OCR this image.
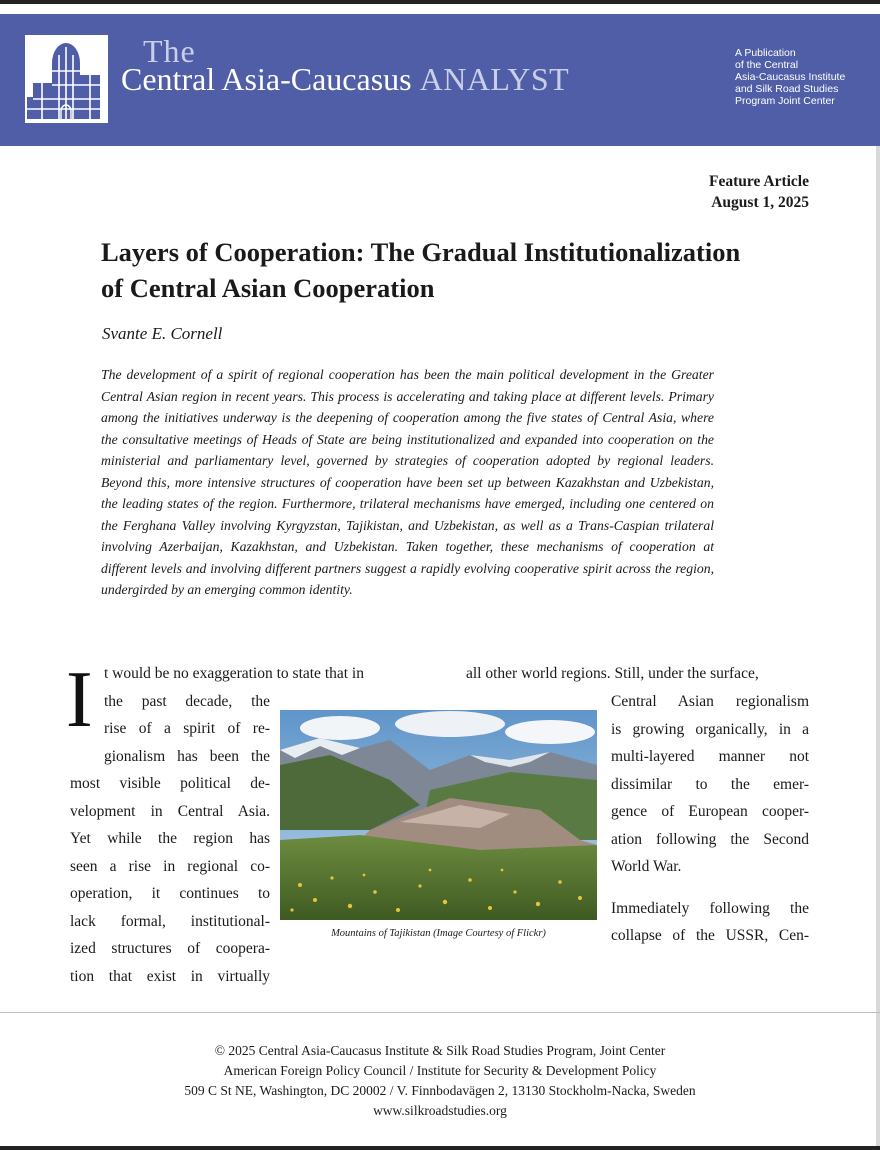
The
Central Asia-Caucasus ANALYST
A Publication
of the Central
Asia-Caucasus Institute
and Silk Road Studies
Program Joint Center
Feature Article
August 1, 2025
Layers of Cooperation: The Gradual Institutionalization
of Central Asian Cooperation
Svante E. Cornell

The development of a spirit of regional cooperation has been the main political development in the Greater Central Asian region in recent years. This process is accelerating and taking place at different levels. Primary among the initiatives underway is the deepening of cooperation among the five states of Central Asia, where the consultative meetings of Heads of State are being institutionalized and expanded into cooperation on the ministerial and parliamentary level, governed by strategies of cooperation adopted by regional leaders. Beyond this, more intensive structures of cooperation have been set up between Kazakhstan and Uzbekistan, the leading states of the region. Furthermore, trilateral mechanisms have emerged, including one centered on the Ferghana Valley involving Kyrgyzstan, Tajikistan, and Uzbekistan, as well as a Trans-Caspian trilateral involving Azerbaijan, Kazakhstan, and Uzbekistan. Taken together, these mechanisms of cooperation at different levels and involving different partners suggest a rapidly evolving cooperative spirit across the region, undergirded by an emerging common identity.

I t would be no exaggeration to state that in
the past decade, the
rise of a spirit of re-
gionalism has been the
most visible political de-
velopment in Central Asia.
Yet while the region has
seen a rise in regional co-
operation, it continues to
lack formal, institutional-
ized structures of coopera-
tion that exist in virtually
all other world regions. Still, under the surface,
Central Asian regionalism
is growing organically, in a
multi-layered manner not
dissimilar to the emer-
gence of European cooper-
ation following the Second
World War.
Immediately following the
collapse of the USSR, Cen-
Mountains of Tajikistan (Image Courtesy of Flickr)
© 2025 Central Asia-Caucasus Institute & Silk Road Studies Program, Joint Center
American Foreign Policy Council / Institute for Security & Development Policy
509 C St NE, Washington, DC 20002 / V. Finnbodavägen 2, 13130 Stockholm-Nacka, Sweden
www.silkroadstudies.org
